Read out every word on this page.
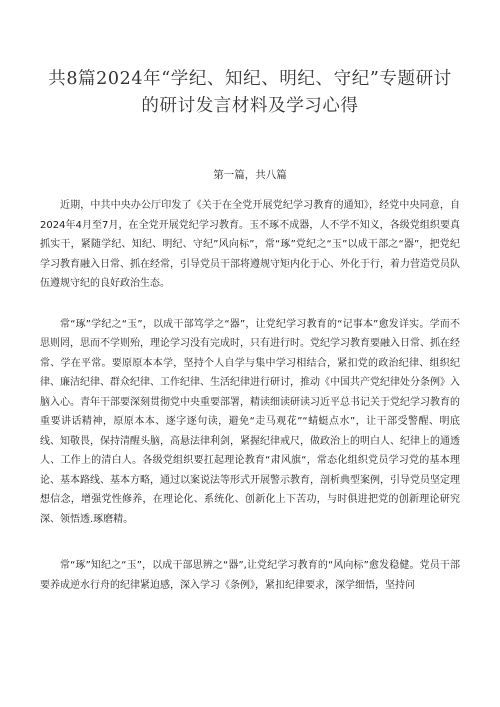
共8篇2024年“学纪、知纪、明纪、守纪”专题研讨的研讨发言材料及学习心得
第一篇，共八篇

近期，中共中央办公厅印发了《关于在全党开展党纪学习教育的通知》，经党中央同意，自2024年4月至7月，在全党开展党纪学习教育。玉不琢不成器，人不学不知义，各级党组织要真抓实干，紧随学纪、知纪、明纪、守纪”风向标”，常“琢”党纪之“玉”以成干部之“器”，把党纪学习教育融入日常、抓在经常，引导党员干部将遵规守矩内化于心、外化于行，着力营造党员队伍遵规守纪的良好政治生态。

常“琢”学纪之“玉”，以成干部笃学之“器”，让党纪学习教育的“记事本”愈发详实。学而不思则罔，思而不学则殆，理论学习没有完成时，只有进行时。党纪学习教育要融入日常、抓在经常、学在平常。要原原本本学，坚持个人自学与集中学习相结合，紧扣党的政治纪律、组织纪律、廉洁纪律、群众纪律、工作纪律、生活纪律进行研讨，推动《中国共产党纪律处分条例》入脑入心。青年干部要深刻贯彻党中央重要部署，精读细读研读习近平总书记关于党纪学习教育的重要讲话精神，原原本本、逐字逐句读，避免“走马观花”“蜻蜓点水”，让干部受警醒、明底线、知敬畏，保持清醒头脑，高悬法律利剑，紧握纪律戒尺，做政治上的明白人、纪律上的通透人、工作上的清白人。各级党组织要扛起理论教育“肃风旗“，常态化组织党员学习党的基本理论、基本路线、基本方略，通过以案说法等形式开展警示教育，剖析典型案例，引导党员坚定理想信念，增强党性修养，在理论化、系统化、创新化上下苦功，与时俱进把党的创新理论研究深、领悟透.琢磨精。

常“琢”知纪之“玉”，以成干部思辨之“器”,让党纪学习教育的“风向标”愈发稳健。党员干部要养成逆水行舟的纪律紧迫感，深入学习《条例》，紧扣纪律要求，深学细悟，坚持问
